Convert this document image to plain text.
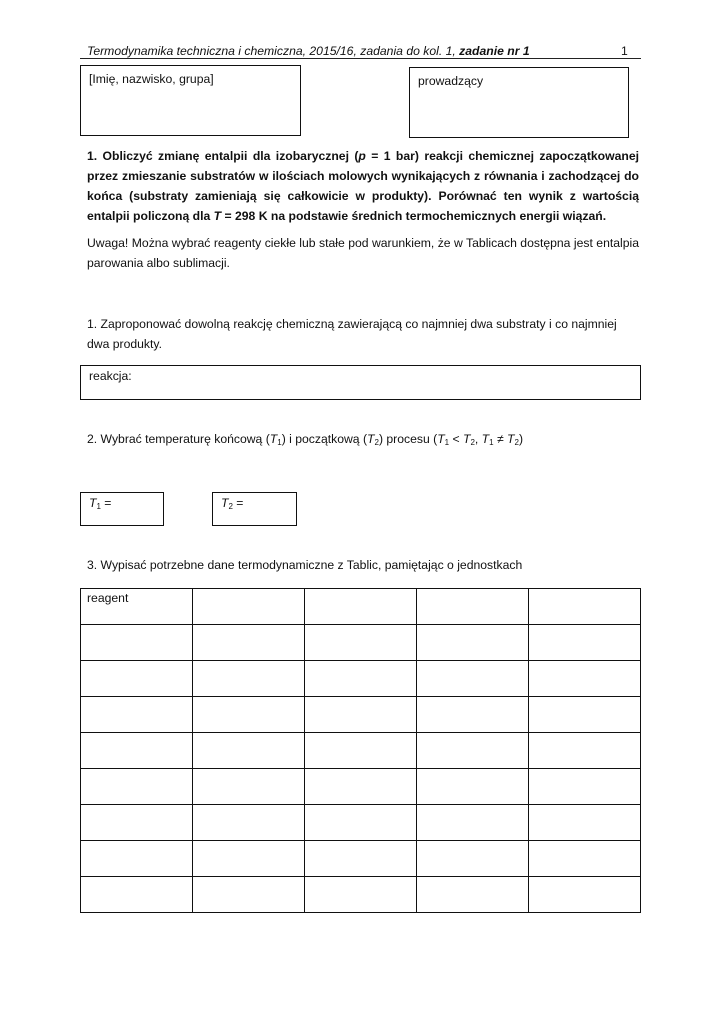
Termodynamika techniczna i chemiczna, 2015/16, zadania do kol. 1, zadanie nr 1	1
[Imię, nazwisko, grupa]	prowadzący
1. Obliczyć zmianę entalpii dla izobarycznej (p = 1 bar) reakcji chemicznej zapoczątkowanej przez zmieszanie substratów w ilościach molowych wynikających z równania i zachodzącej do końca (substraty zamieniają się całkowicie w produkty). Porównać ten wynik z wartością entalpii policzoną dla T = 298 K na podstawie średnich termochemicznych energii wiązań.
Uwaga! Można wybrać reagenty ciekłe lub stałe pod warunkiem, że w Tablicach dostępna jest entalpia parowania albo sublimacji.
1. Zaproponować dowolną reakcję chemiczną zawierającą co najmniej dwa substraty i co najmniej dwa produkty.
reakcja:
2. Wybrać temperaturę końcową $(T_1)$ i początkową $(T_2)$ procesu ($T_1 < T_2$, $T_1 \ne T_2$)
$T_1$ =	$T_2$ =
3. Wypisać potrzebne dane termodynamiczne z Tablic, pamiętając o jednostkach
reagent				
